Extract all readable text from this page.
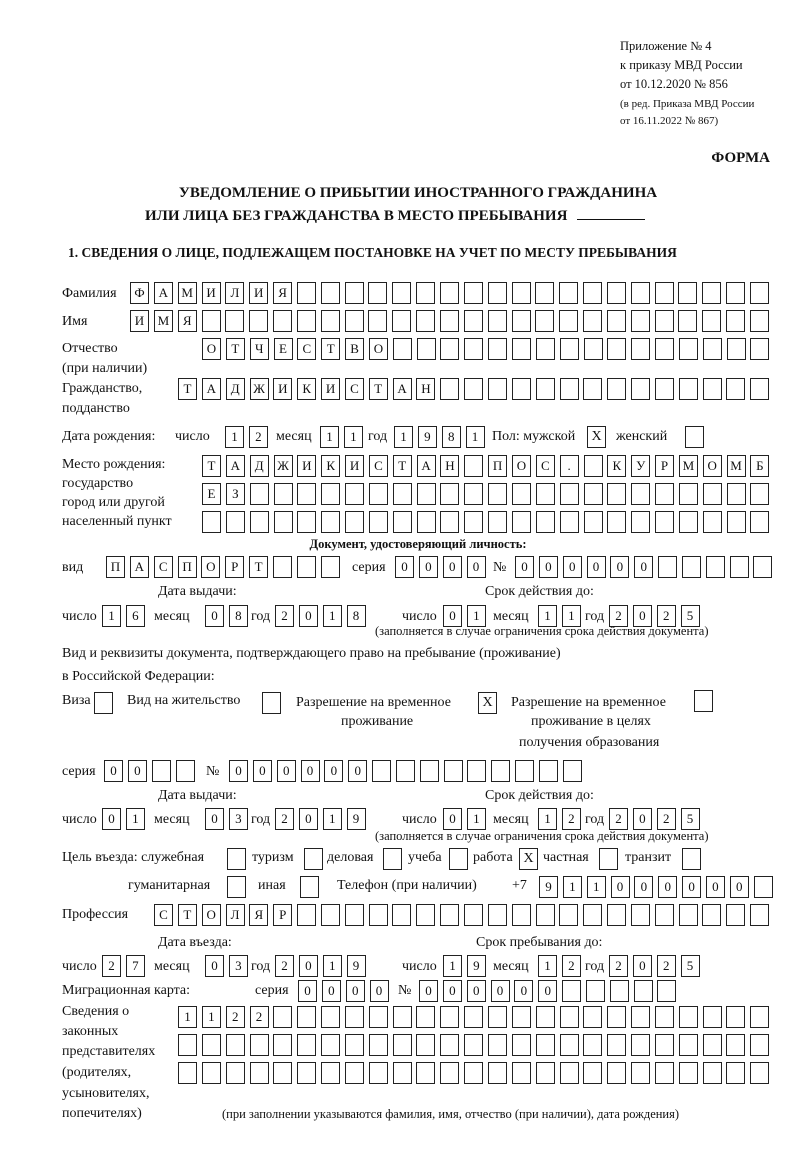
Приложение № 4
к приказу МВД России
от 10.12.2020 № 856
(в ред. Приказа МВД России
от 16.11.2022 № 867)
ФОРМА
УВЕДОМЛЕНИЕ О ПРИБЫТИИ ИНОСТРАННОГО ГРАЖДАНИНА
ИЛИ ЛИЦА БЕЗ ГРАЖДАНСТВА В МЕСТО ПРЕБЫВАНИЯ
1. СВЕДЕНИЯ О ЛИЦЕ, ПОДЛЕЖАЩЕМ ПОСТАНОВКЕ НА УЧЕТ ПО МЕСТУ ПРЕБЫВАНИЯ
Фамилия	Ф	А	М	И	Л	И	Я
Имя	И	М	Я
Отчество
(при наличии)
О	Т	Ч	Е	С	Т	В	О
Гражданство,
подданство
Т	А	Д	Ж	И	К	И	С	Т	А	Н
Дата рождения: число	1	2	месяц	1	1 год	1	9	8	1 Пол: мужской	X	женский
Место рождения:
государство
город или другой
населенный пункт
Т	А	Д	Ж	И	К	И	С	Т	А	Н	П	О	С	.	К	У	Р	М	О	М	Б
Е	З
Документ, удостоверяющий личность:
вид	П	А	С	П	О	Р	Т	серия	0	0	0	0 №	0	0	0	0	0	0
Дата выдачи:	Срок действия до:
число 1	6	месяц	0	8 год 2	0	1	8	число 0	1 месяц	1	1 год 2	0	2	5
(заполняется в случае ограничения срока действия документа)
Вид и реквизиты документа, подтверждающего право на пребывание (проживание)
в Российской Федерации:
Виза	Вид на жительство	Разрешение на временное
проживание
X	Разрешение на временное
проживание в целях
получения образования
серия	0	0	№	0	0	0	0	0	0
Дата выдачи:	Срок действия до:
число 0	1	месяц	0	3 год 2	0	1	9	число 0	1 месяц	1	2 год 2	0	2	5
(заполняется в случае ограничения срока действия документа)
Цель въезда: служебная	туризм деловая учеба работа X частная	транзит
гуманитарная	иная	Телефон (при наличии)	+7	9	1	1	0	0	0	0	0	0
Профессия	С	Т	О	Л	Я	Р
Дата въезда:	Срок пребывания до:
число 2	7	месяц	0	3 год 2	0	1	9	число 1	9 месяц	1	2 год 2	0	2	5
Миграционная карта:	серия	0	0	0	0	№	0	0	0	0	0	0
Сведения о
законных
представителях
(родителях,
усыновителях,
попечителях)
1	1	2	2
(при заполнении указываются фамилия, имя, отчество (при наличии), дата рождения)
